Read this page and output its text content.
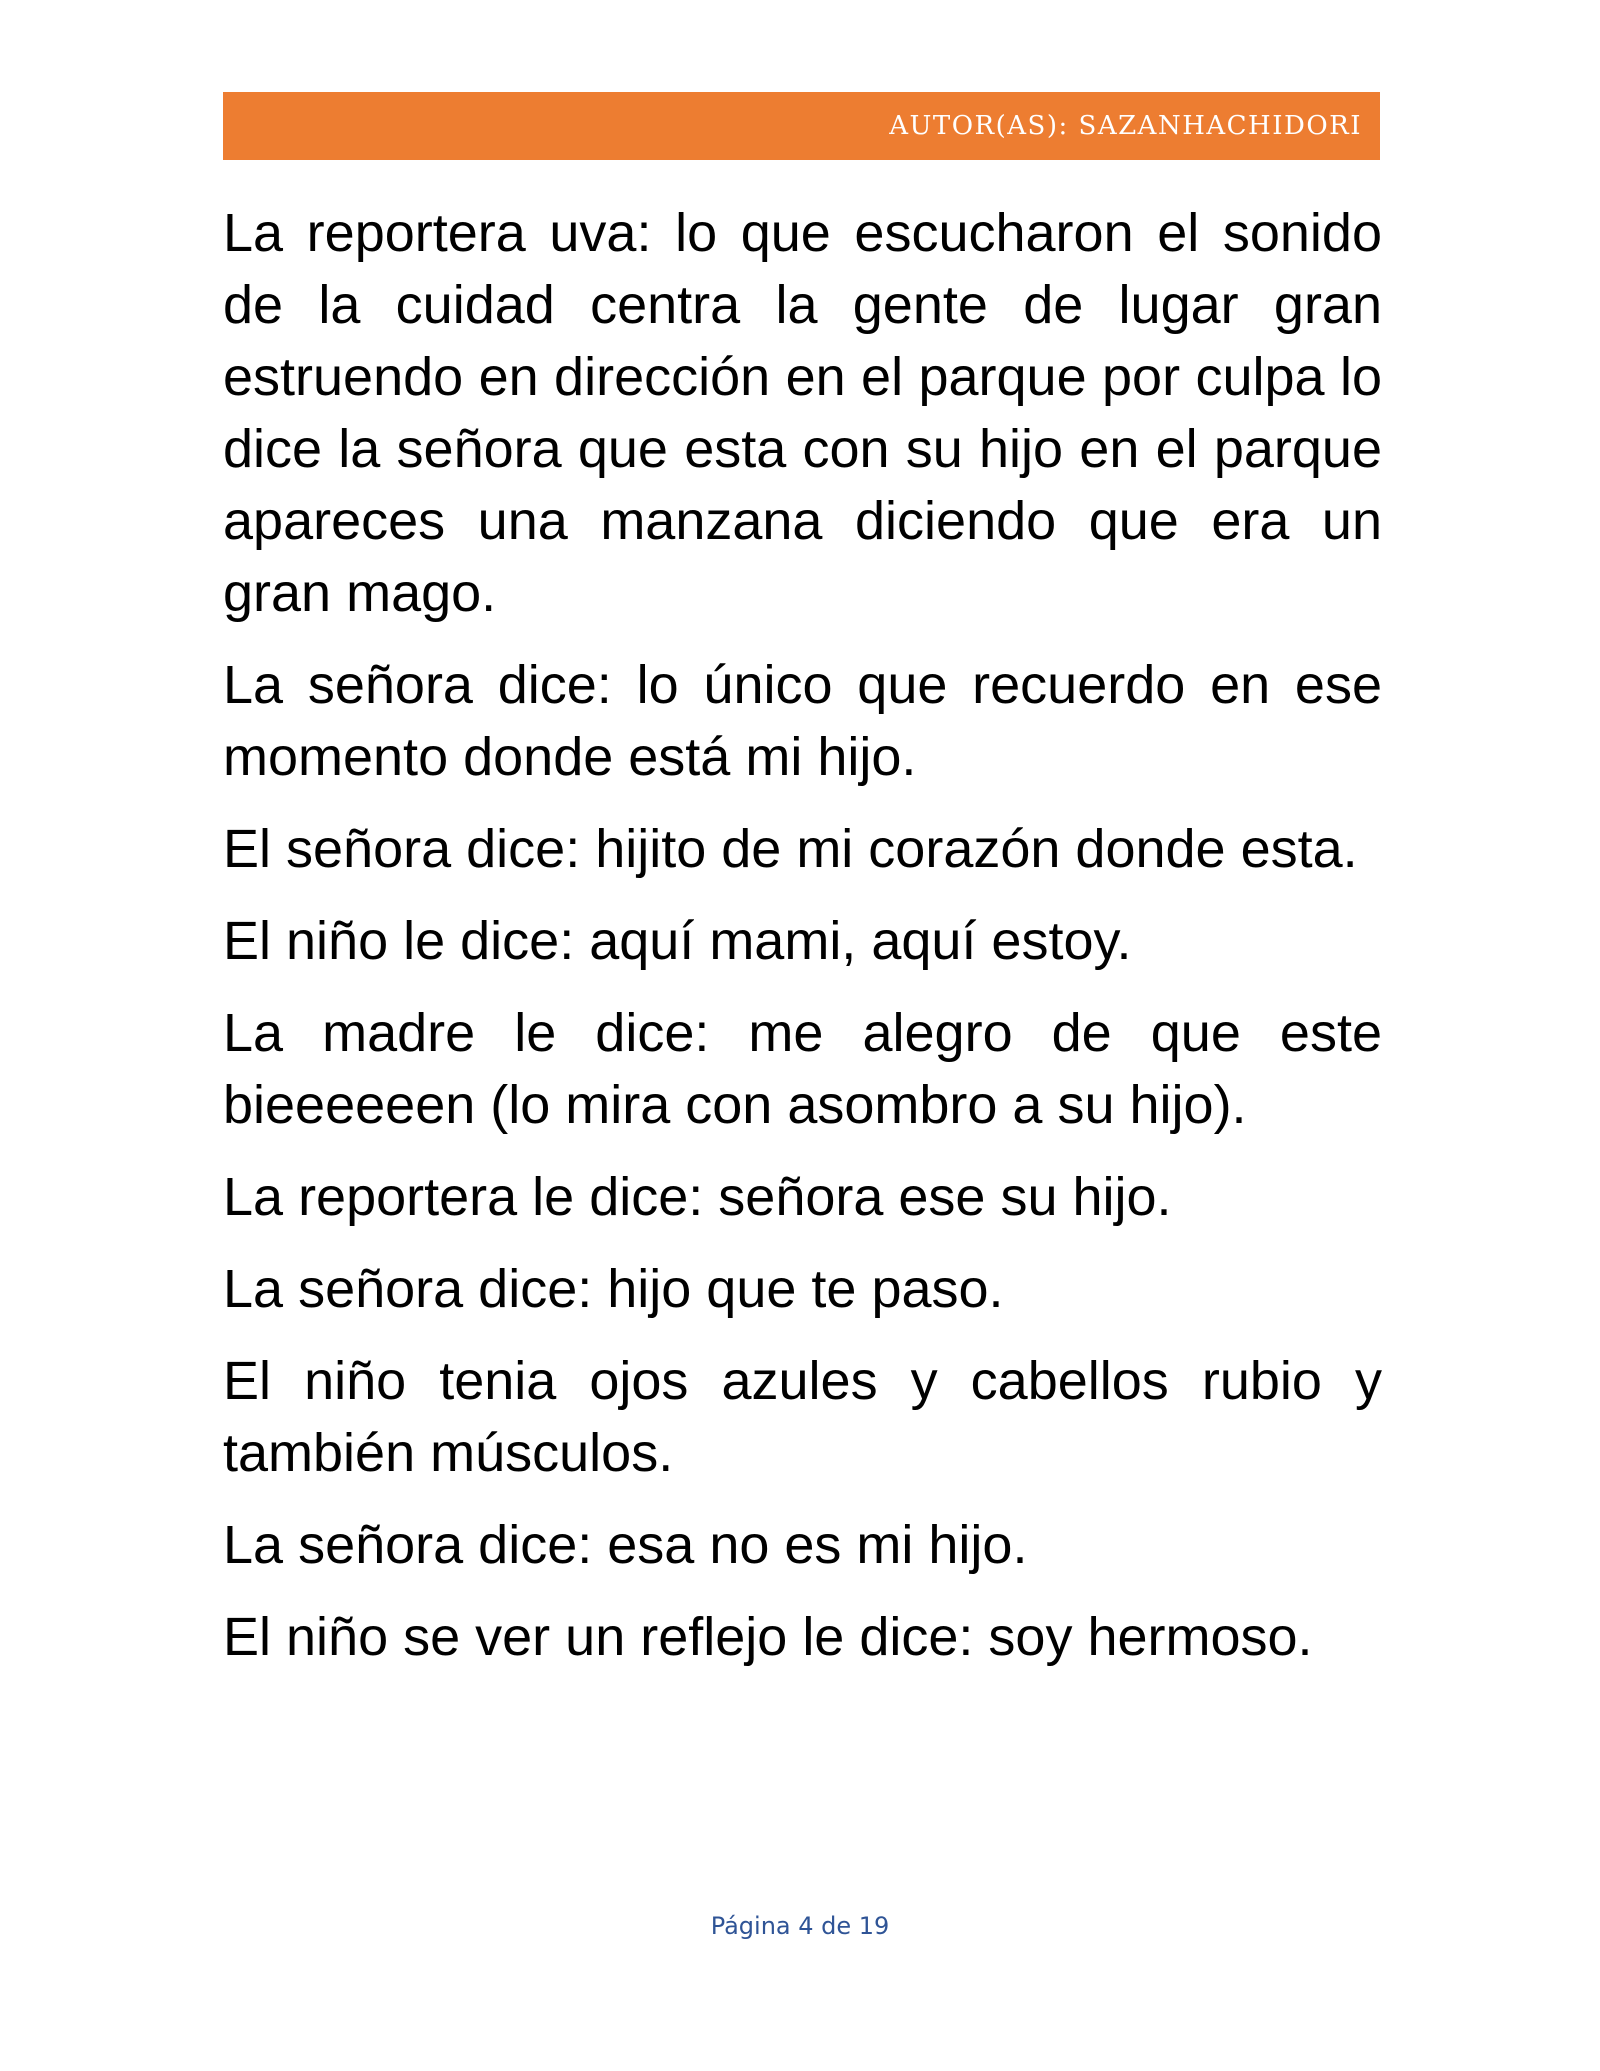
AUTOR(AS): SAZANHACHIDORI

La reportera uva: lo que escucharon el sonido de la cuidad centra la gente de lugar gran estruendo en dirección en el parque por culpa lo dice la señora que esta con su hijo en el parque apareces una manzana diciendo que era un gran mago.

La señora dice: lo único que recuerdo en ese momento donde está mi hijo.

El señora dice: hijito de mi corazón donde esta.

El niño le dice: aquí mami, aquí estoy.

La madre le dice: me alegro de que este bieeeeeen (lo mira con asombro a su hijo).

La reportera le dice: señora ese su hijo.

La señora dice: hijo que te paso.

El niño tenia ojos azules y cabellos rubio y también músculos.

La señora dice: esa no es mi hijo.

El niño se ver un reflejo le dice: soy hermoso.

Página 4 de 19
